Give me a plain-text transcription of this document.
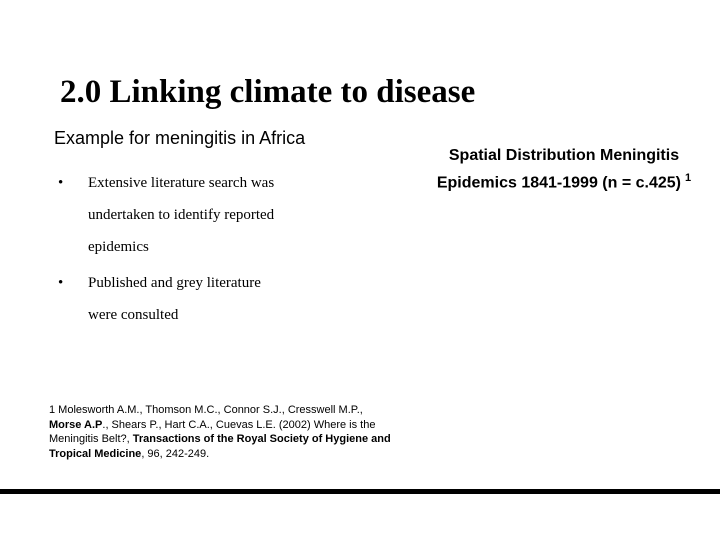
2.0 Linking climate to disease
Example for meningitis in Africa
• Extensive literature search was
undertaken to identify reported
epidemics
• Published and grey literature
were consulted
Spatial Distribution Meningitis
Epidemics 1841-1999 (n = c.425) $^1$
1 Molesworth A.M., Thomson M.C., Connor S.J., Cresswell M.P.,
Morse A.P., Shears P., Hart C.A., Cuevas L.E. (2002) Where is the
Meningitis Belt?, Transactions of the Royal Society of Hygiene and
Tropical Medicine, 96, 242-249.
